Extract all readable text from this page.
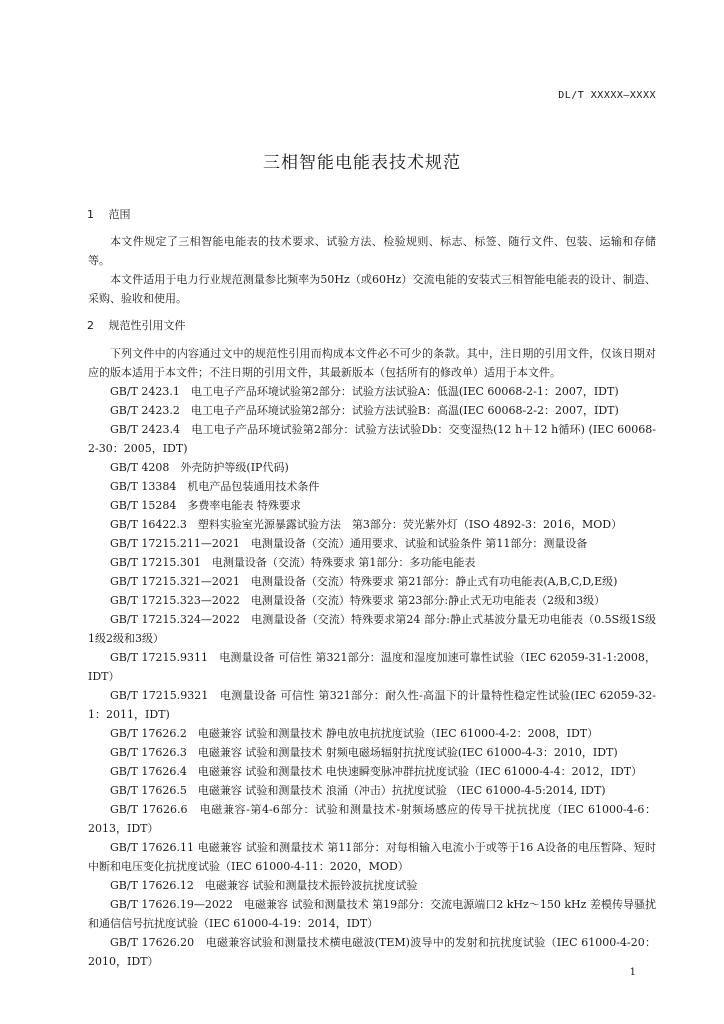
DL/T XXXXX—XXXX
三相智能电能表技术规范
1 范围

本文件规定了三相智能电能表的技术要求、试验方法、检验规则、标志、标签、随行文件、包装、运输和存储等。

本文件适用于电力行业规范测量参比频率为50Hz（或60Hz）交流电能的安装式三相智能电能表的设计、制造、采购、验收和使用。

2 规范性引用文件

下列文件中的内容通过文中的规范性引用而构成本文件必不可少的条款。其中，注日期的引用文件，仅该日期对应的版本适用于本文件；不注日期的引用文件，其最新版本（包括所有的修改单）适用于本文件。

GB/T 2423.1　电工电子产品环境试验第2部分：试验方法试验A：低温(IEC 60068-2-1：2007，IDT)

GB/T 2423.2　电工电子产品环境试验第2部分：试验方法试验B：高温(IEC 60068-2-2：2007，IDT)

GB/T 2423.4　电工电子产品环境试验第2部分：试验方法试验Db：交变湿热(12 h＋12 h循环) (IEC 60068-2-30：2005，IDT)

GB/T 4208　外壳防护等级(IP代码)

GB/T 13384　机电产品包装通用技术条件

GB/T 15284　多费率电能表 特殊要求

GB/T 16422.3　塑料实验室光源暴露试验方法　第3部分：荧光紫外灯（ISO 4892-3：2016，MOD）

GB/T 17215.211—2021　电测量设备（交流）通用要求、试验和试验条件 第11部分：测量设备

GB/T 17215.301　电测量设备（交流）特殊要求 第1部分：多功能电能表

GB/T 17215.321—2021　电测量设备（交流）特殊要求 第21部分：静止式有功电能表(A,B,C,D,E级)

GB/T 17215.323—2022　电测量设备（交流）特殊要求 第23部分:静止式无功电能表（2级和3级）

GB/T 17215.324—2022　电测量设备（交流）特殊要求第24 部分:静止式基波分量无功电能表（0.5S级1S级1级2级和3级）

GB/T 17215.9311　电测量设备 可信性 第321部分：温度和湿度加速可靠性试验（IEC 62059-31-1:2008，IDT）

GB/T 17215.9321　电测量设备 可信性 第321部分：耐久性-高温下的计量特性稳定性试验(IEC 62059-32-1：2011，IDT)

GB/T 17626.2　电磁兼容 试验和测量技术 静电放电抗扰度试验（IEC 61000-4-2：2008，IDT）

GB/T 17626.3　电磁兼容 试验和测量技术 射频电磁场辐射抗扰度试验(IEC 61000-4-3：2010，IDT)

GB/T 17626.4　电磁兼容 试验和测量技术 电快速瞬变脉冲群抗扰度试验（IEC 61000-4-4：2012，IDT）

GB/T 17626.5　电磁兼容 试验和测量技术 浪涌（冲击）抗扰度试验 （IEC 61000-4-5:2014, IDT)

GB/T 17626.6　电磁兼容-第4-6部分：试验和测量技术-射频场感应的传导干扰抗扰度（IEC 61000-4-6：2013，IDT）

GB/T 17626.11 电磁兼容 试验和测量技术 第11部分：对每相输入电流小于或等于16 A设备的电压暂降、短时中断和电压变化抗扰度试验（IEC 61000-4-11：2020，MOD）

GB/T 17626.12　电磁兼容 试验和测量技术振铃波抗扰度试验

GB/T 17626.19—2022　电磁兼容 试验和测量技术 第19部分：交流电源端口2 kHz～150 kHz 差模传导骚扰和通信信号抗扰度试验（IEC 61000-4-19：2014，IDT）

GB/T 17626.20　电磁兼容试验和测量技术横电磁波(TEM)波导中的发射和抗扰度试验（IEC 61000-4-20：2010，IDT）

1
